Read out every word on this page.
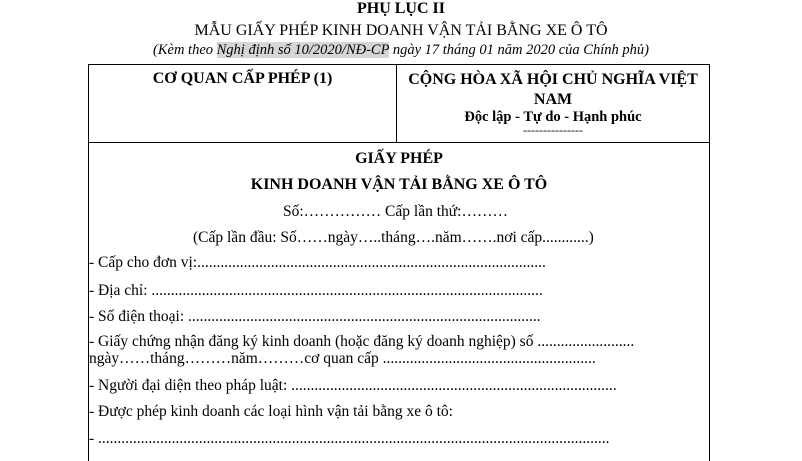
PHỤ LỤC II
MẪU GIẤY PHÉP KINH DOANH VẬN TẢI BẰNG XE Ô TÔ
(Kèm theo Nghị định số 10/2020/NĐ-CP ngày 17 tháng 01 năm 2020 của Chính phủ)
CƠ QUAN CẤP PHÉP (1)	CỘNG HÒA XÃ HỘI CHỦ NGHĨA VIỆT NAM
Độc lập - Tự do - Hạnh phúc
---------------
GIẤY PHÉP
KINH DOANH VẬN TẢI BẰNG XE Ô TÔ
Số:…………… Cấp lần thứ:………
(Cấp lần đầu: Số……ngày…..tháng….năm…….nơi cấp............)
- Cấp cho đơn vị:..........................................................................................
- Địa chỉ: .....................................................................................................
- Số điện thoại: ...........................................................................................
- Giấy chứng nhận đăng ký kinh doanh (hoặc đăng ký doanh nghiệp) số .........................
ngày……tháng………năm………cơ quan cấp .......................................................
- Người đại diện theo pháp luật: ....................................................................................
- Được phép kinh doanh các loại hình vận tải bằng xe ô tô:
- ....................................................................................................................................
